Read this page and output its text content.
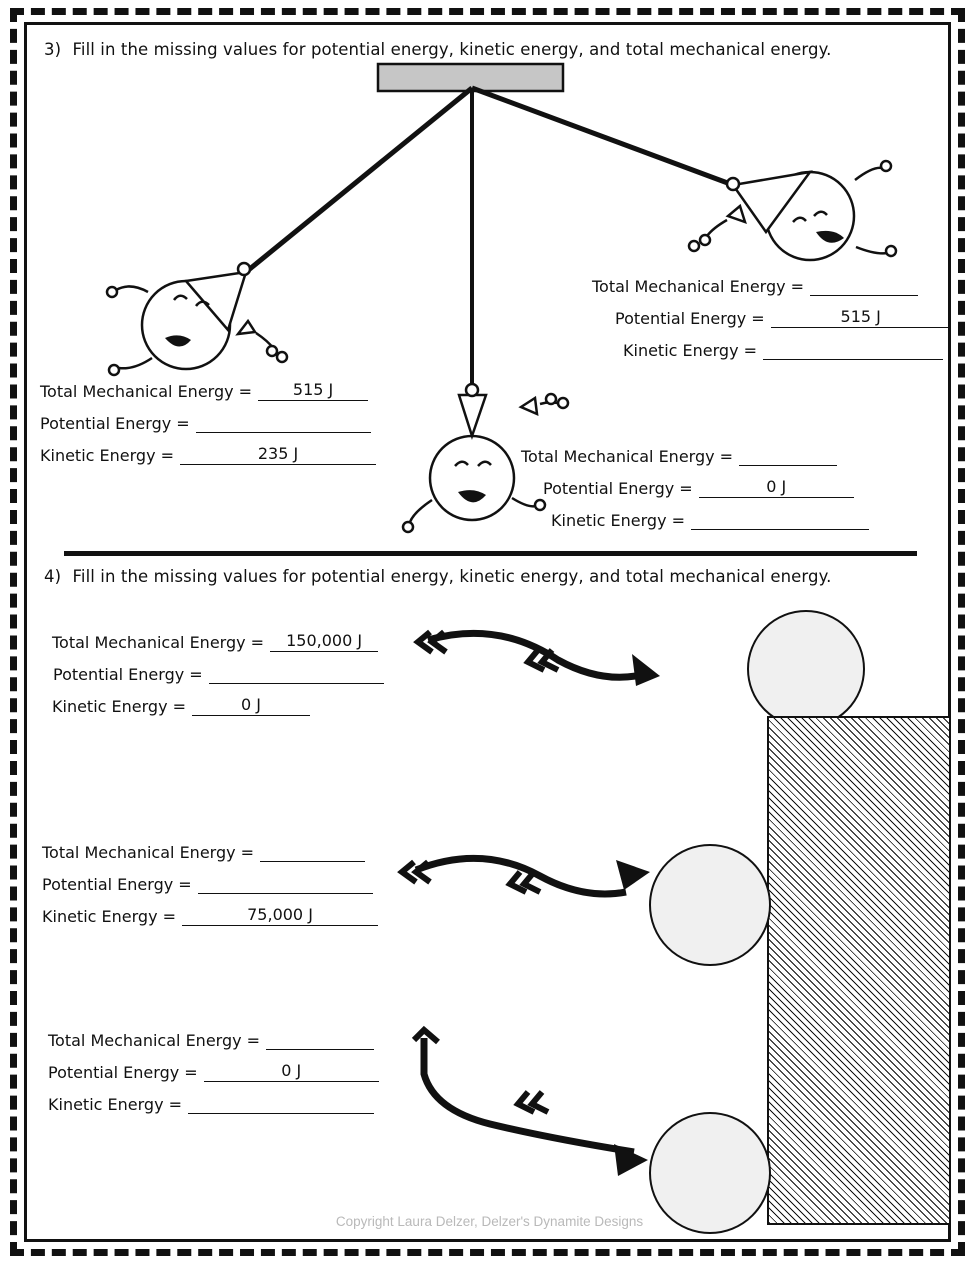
3) Fill in the missing values for potential energy, kinetic energy, and total mechanical energy.
Total Mechanical Energy =	515 J
Potential Energy =
Kinetic Energy =	235 J
Total Mechanical Energy =
Potential Energy =	515 J
Kinetic Energy =
Total Mechanical Energy =
Potential Energy =	0 J
Kinetic Energy =
4) Fill in the missing values for potential energy, kinetic energy, and total mechanical energy.
Total Mechanical Energy =	150,000 J
Potential Energy =
Kinetic Energy =	0 J
Total Mechanical Energy =
Potential Energy =
Kinetic Energy =	75,000 J
Total Mechanical Energy =
Potential Energy =	0 J
Kinetic Energy =
Copyright Laura Delzer, Delzer's Dynamite Designs
